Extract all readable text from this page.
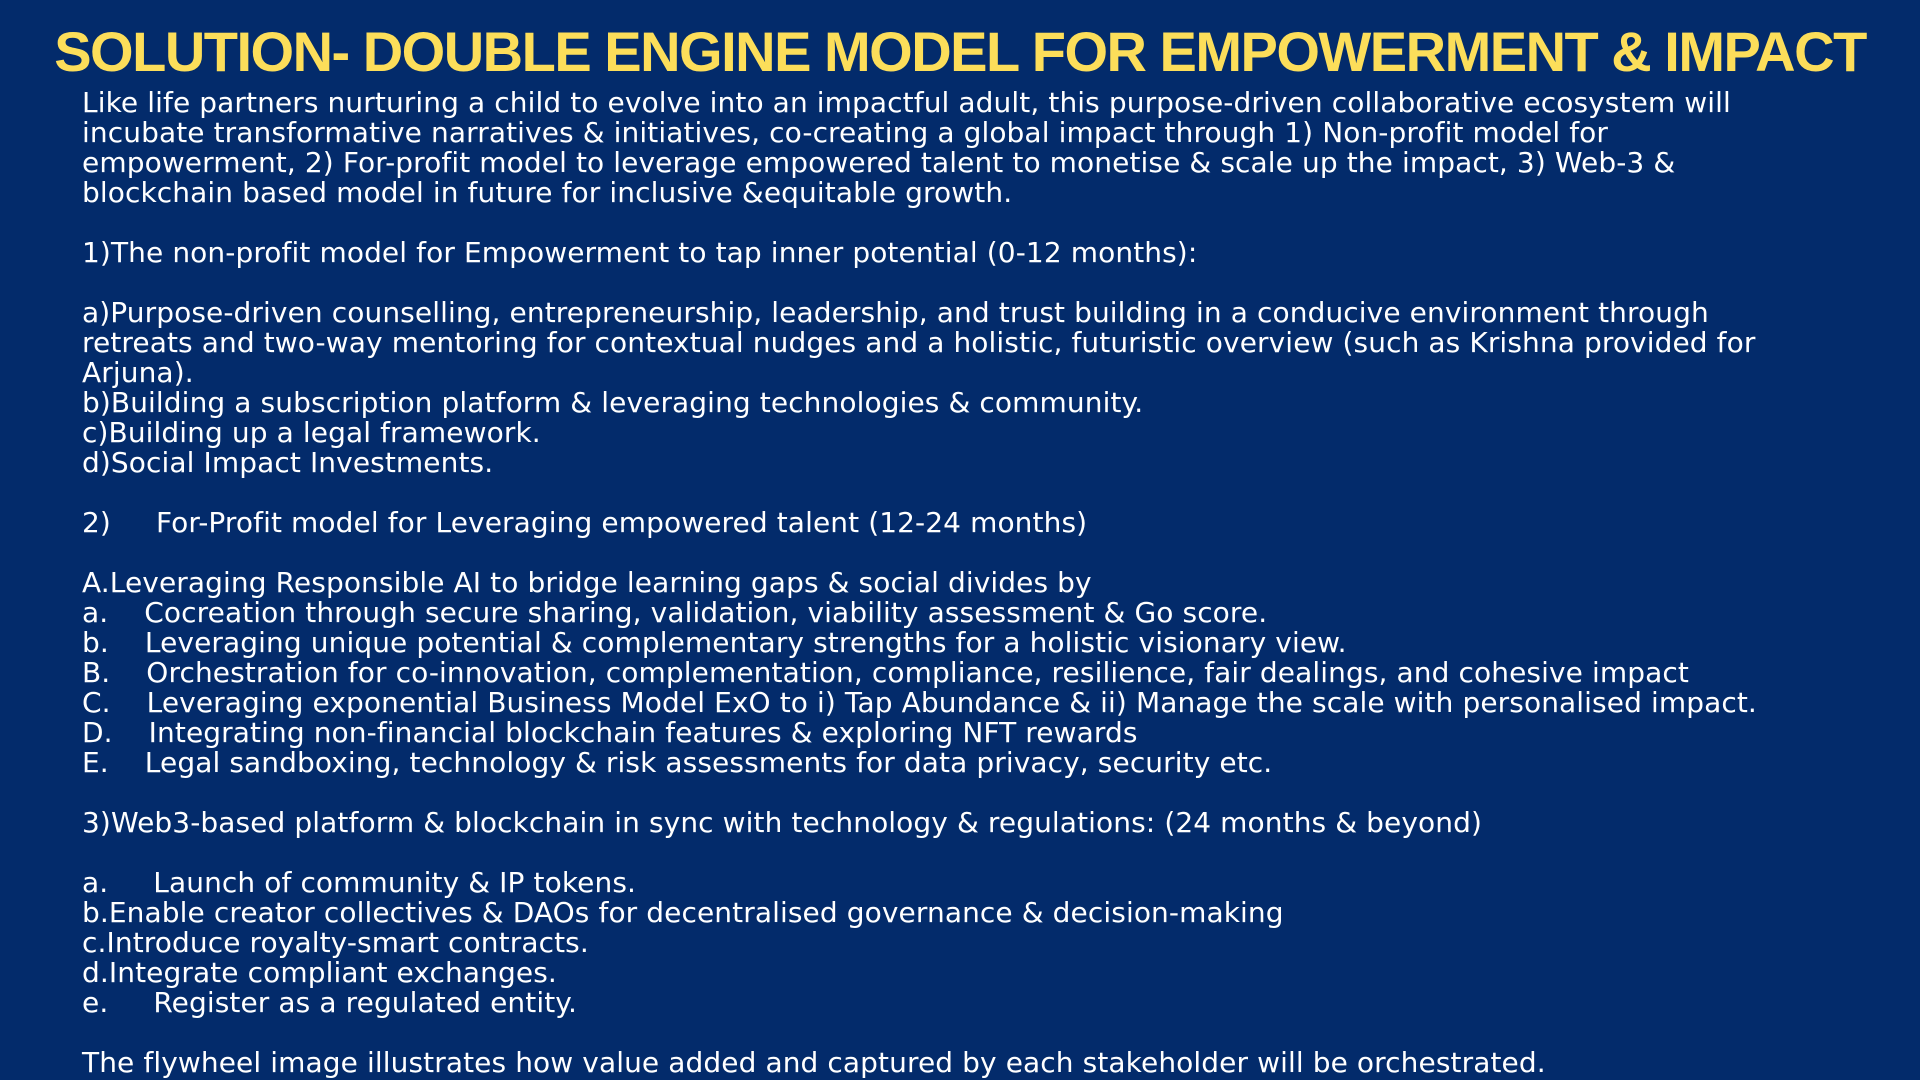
SOLUTION- DOUBLE ENGINE MODEL FOR EMPOWERMENT & IMPACT
Like life partners nurturing a child to evolve into an impactful adult, this purpose-driven collaborative ecosystem will
incubate transformative narratives & initiatives, co-creating a global impact through 1) Non-profit model for
empowerment, 2) For-profit model to leverage empowered talent to monetise & scale up the impact, 3) Web-3 &
blockchain based model in future for inclusive &equitable growth.
1)The non-profit model for Empowerment to tap inner potential (0-12 months):
a)Purpose-driven counselling, entrepreneurship, leadership, and trust building in a conducive environment through
retreats and two-way mentoring for contextual nudges and a holistic, futuristic overview (such as Krishna provided for
Arjuna).
b)Building a subscription platform & leveraging technologies & community.
c)Building up a legal framework.
d)Social Impact Investments.
2)     For-Profit model for Leveraging empowered talent (12-24 months)
A.Leveraging Responsible AI to bridge learning gaps & social divides by
a.    Cocreation through secure sharing, validation, viability assessment & Go score.
b.    Leveraging unique potential & complementary strengths for a holistic visionary view.
B.    Orchestration for co-innovation, complementation, compliance, resilience, fair dealings, and cohesive impact
C.    Leveraging exponential Business Model ExO to i) Tap Abundance & ii) Manage the scale with personalised impact.
D.    Integrating non-financial blockchain features & exploring NFT rewards
E.    Legal sandboxing, technology & risk assessments for data privacy, security etc.
3)Web3-based platform & blockchain in sync with technology & regulations: (24 months & beyond)
a.     Launch of community & IP tokens.
b.Enable creator collectives & DAOs for decentralised governance & decision-making
c.Introduce royalty-smart contracts.
d.Integrate compliant exchanges.
e.     Register as a regulated entity.
The flywheel image illustrates how value added and captured by each stakeholder will be orchestrated.
